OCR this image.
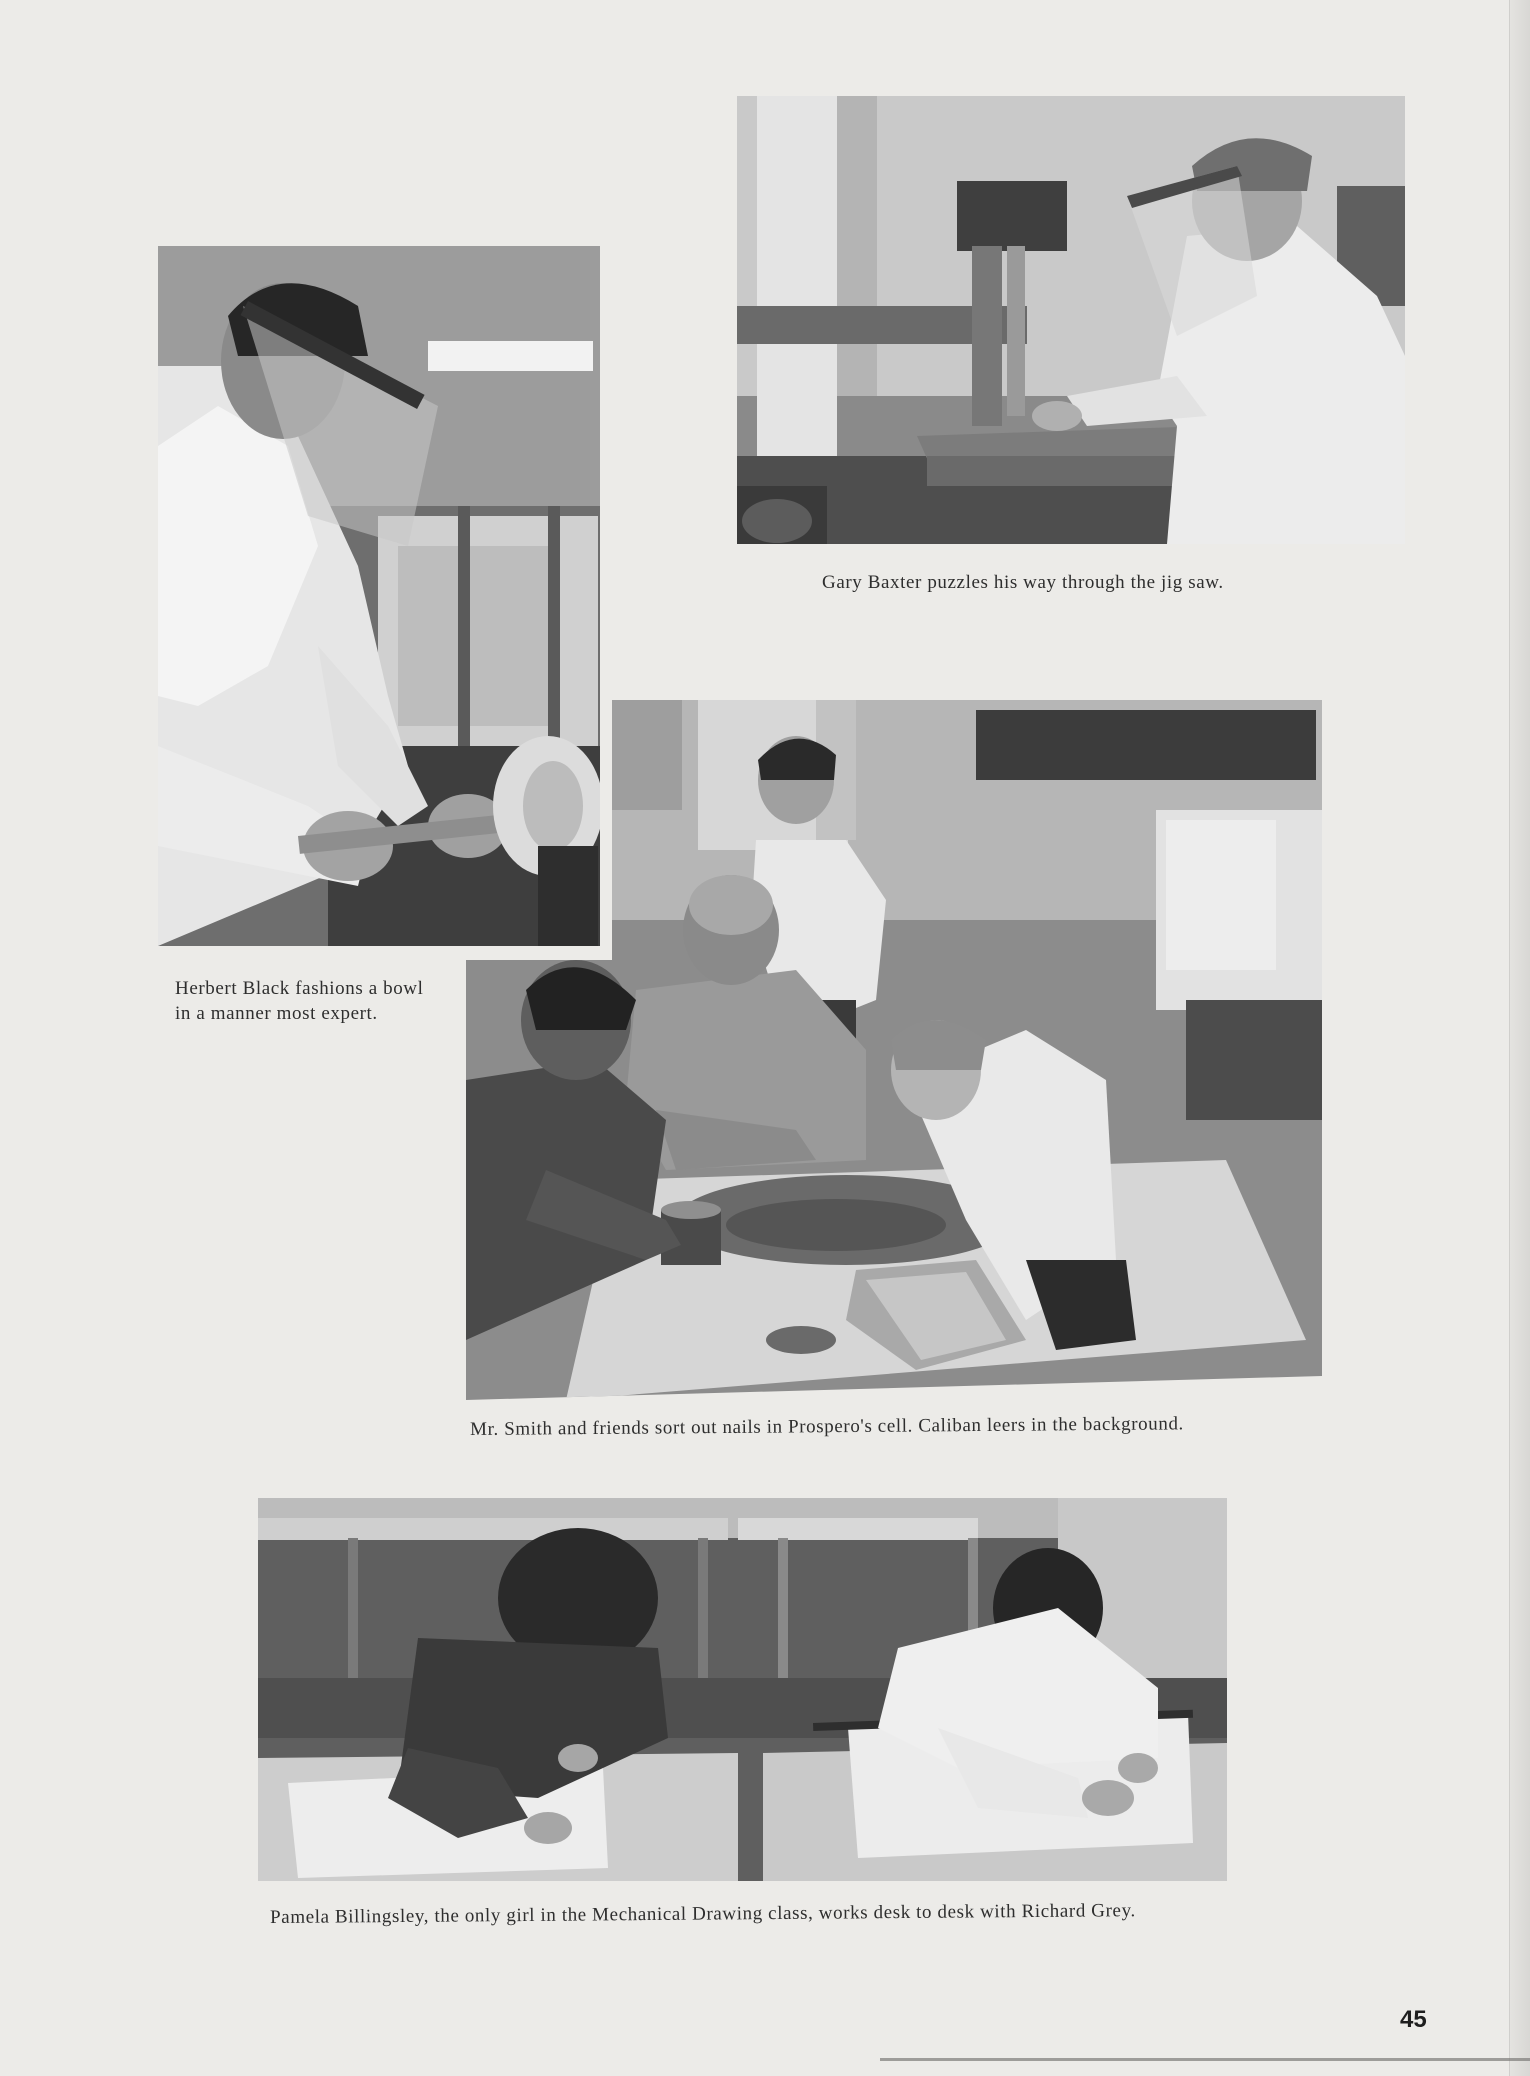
Herbert Black fashions a bowl in a manner most expert.

Gary Baxter puzzles his way through the jig saw.

Mr. Smith and friends sort out nails in Prospero's cell. Caliban leers in the background.

Pamela Billingsley, the only girl in the Mechanical Drawing class, works desk to desk with Richard Grey.

45
